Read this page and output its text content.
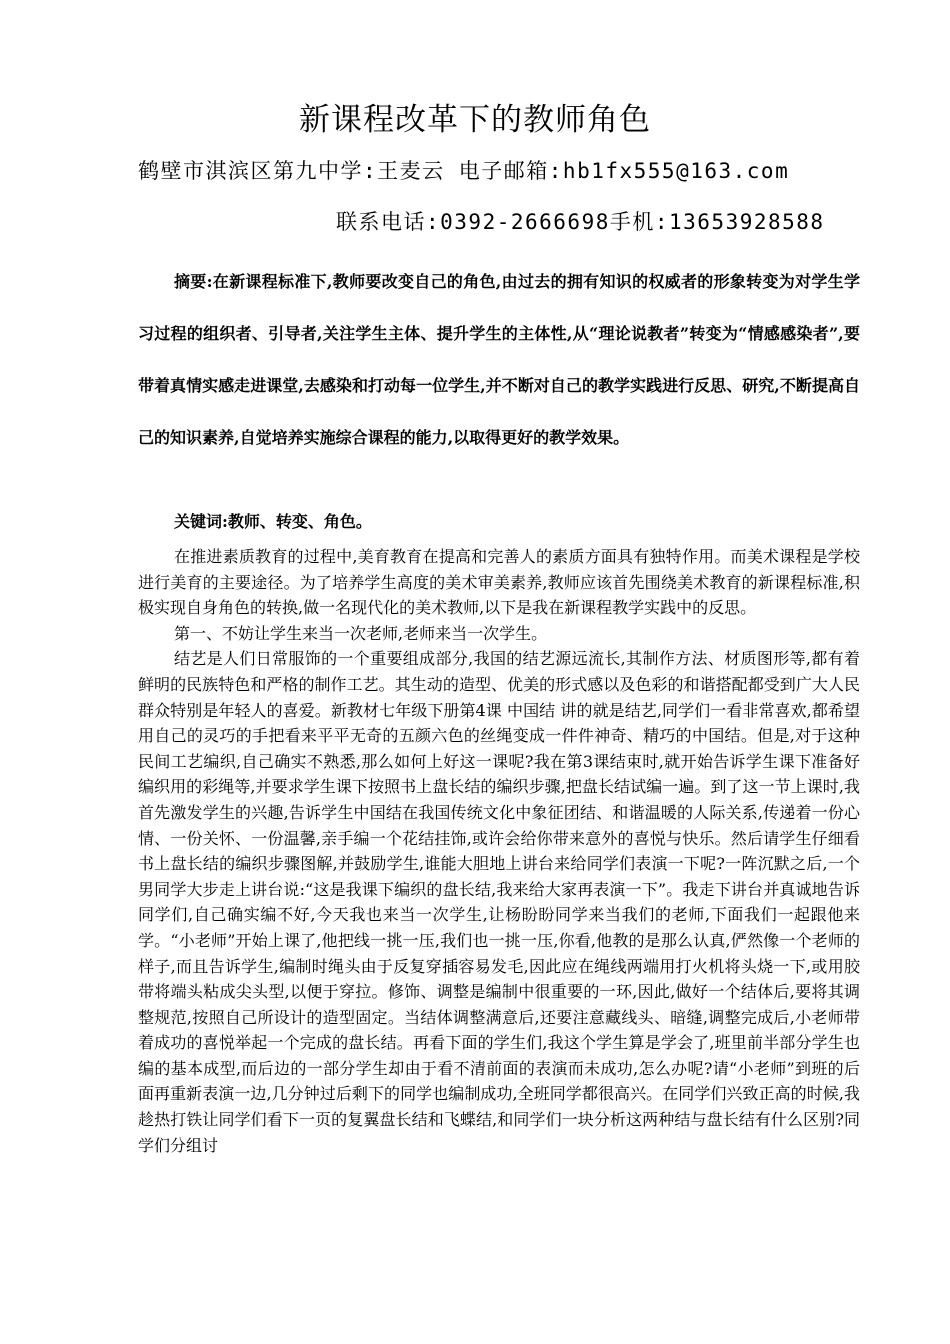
新课程改革下的教师角色
鹤壁市淇滨区第九中学:王麦云 电子邮箱:hb1fx555@163.com
联系电话:0392-2666698手机:13653928588

摘要:在新课程标准下,教师要改变自己的角色,由过去的拥有知识的权威者的形象转变为对学生学习过程的组织者、引导者,关注学生主体、提升学生的主体性,从“理论说教者”转变为“情感感染者”,要带着真情实感走进课堂,去感染和打动每一位学生,并不断对自己的教学实践进行反思、研究,不断提高自己的知识素养,自觉培养实施综合课程的能力,以取得更好的教学效果。

关键词:教师、转变、角色。

在推进素质教育的过程中,美育教育在提高和完善人的素质方面具有独特作用。而美术课程是学校进行美育的主要途径。为了培养学生高度的美术审美素养,教师应该首先围绕美术教育的新课程标准,积极实现自身角色的转换,做一名现代化的美术教师,以下是我在新课程教学实践中的反思。

第一、不妨让学生来当一次老师,老师来当一次学生。

结艺是人们日常服饰的一个重要组成部分,我国的结艺源远流长,其制作方法、材质图形等,都有着鲜明的民族特色和严格的制作工艺。其生动的造型、优美的形式感以及色彩的和谐搭配都受到广大人民群众特别是年轻人的喜爱。新教材七年级下册第4课 中国结 讲的就是结艺,同学们一看非常喜欢,都希望用自己的灵巧的手把看来平平无奇的五颜六色的丝绳变成一件件神奇、精巧的中国结。但是,对于这种民间工艺编织,自己确实不熟悉,那么如何上好这一课呢?我在第3课结束时,就开始告诉学生课下准备好编织用的彩绳等,并要求学生课下按照书上盘长结的编织步骤,把盘长结试编一遍。到了这一节上课时,我首先激发学生的兴趣,告诉学生中国结在我国传统文化中象征团结、和谐温暖的人际关系,传递着一份心情、一份关怀、一份温馨,亲手编一个花结挂饰,或许会给你带来意外的喜悦与快乐。然后请学生仔细看书上盘长结的编织步骤图解,并鼓励学生,谁能大胆地上讲台来给同学们表演一下呢?一阵沉默之后,一个男同学大步走上讲台说:“这是我课下编织的盘长结,我来给大家再表演一下”。我走下讲台并真诚地告诉同学们,自己确实编不好,今天我也来当一次学生,让杨盼盼同学来当我们的老师,下面我们一起跟他来学。“小老师”开始上课了,他把线一挑一压,我们也一挑一压,你看,他教的是那么认真,俨然像一个老师的样子,而且告诉学生,编制时绳头由于反复穿插容易发毛,因此应在绳线两端用打火机将头烧一下,或用胶带将端头粘成尖头型,以便于穿拉。修饰、调整是编制中很重要的一环,因此,做好一个结体后,要将其调整规范,按照自己所设计的造型固定。当结体调整满意后,还要注意藏线头、暗缝,调整完成后,小老师带着成功的喜悦举起一个完成的盘长结。再看下面的学生们,我这个学生算是学会了,班里前半部分学生也编的基本成型,而后边的一部分学生却由于看不清前面的表演而未成功,怎么办呢?请“小老师”到班的后面再重新表演一边,几分钟过后剩下的同学也编制成功,全班同学都很高兴。在同学们兴致正高的时候,我趁热打铁让同学们看下一页的复翼盘长结和飞蝶结,和同学们一块分析这两种结与盘长结有什么区别?同学们分组讨
